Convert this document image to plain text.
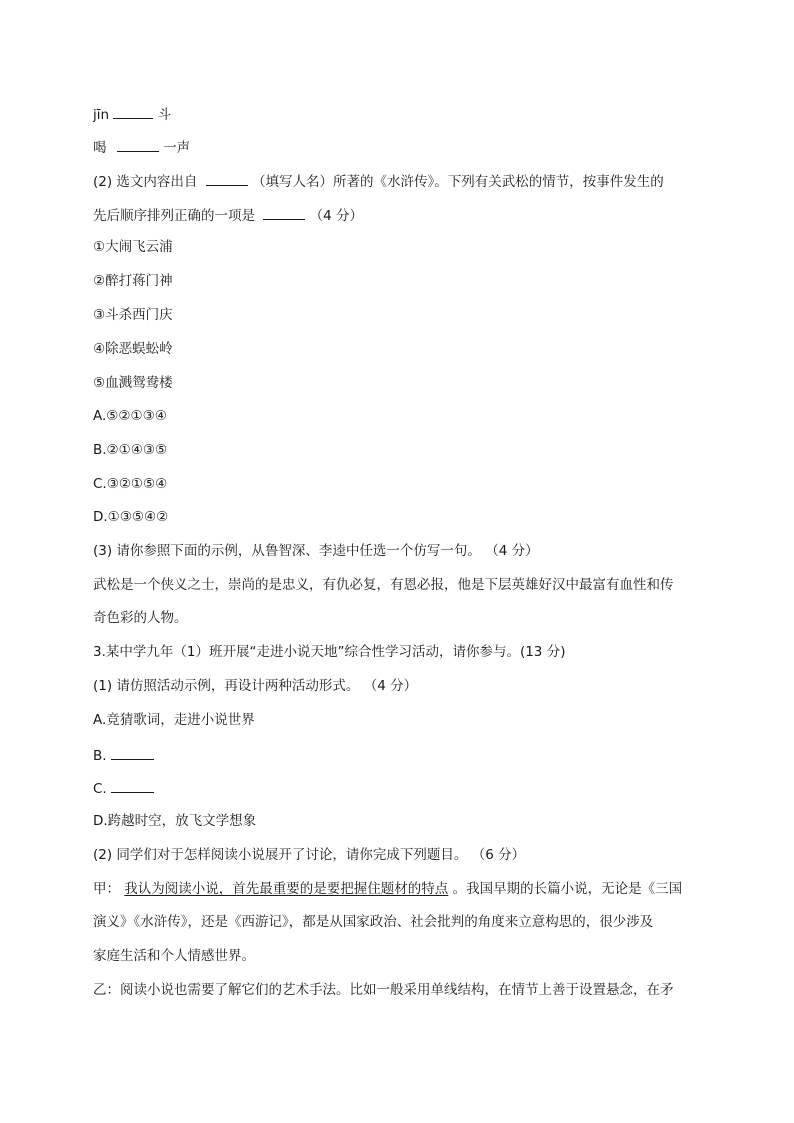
jīn	斗
喝	一声
(2) 选文内容出自	（填写人名）所著的《水浒传》。下列有关武松的情节，按事件发生的
先后顺序排列正确的一项是	（4 分）
①大闹飞云浦
②醉打蒋门神
③斗杀西门庆
④除恶蜈蚣岭
⑤血溅鸳鸯楼
A.⑤②①③④
B.②①④③⑤
C.③②①⑤④
D.①③⑤④②
(3) 请你参照下面的示例，从鲁智深、李逵中任选一个仿写一句。 （4 分）
武松是一个侠义之士，崇尚的是忠义，有仇必复，有恩必报，他是下层英雄好汉中最富有血性和传
奇色彩的人物。
3.某中学九年（1）班开展“走进小说天地”综合性学习活动，请你参与。(13 分)
(1) 请仿照活动示例，再设计两种活动形式。 （4 分）
A.竞猜歌词，走进小说世界
B.
C.
D.跨越时空，放飞文学想象
(2) 同学们对于怎样阅读小说展开了讨论，请你完成下列题目。 （6 分）
甲： 我认为阅读小说，首先最重要的是要把握住题材的特点 。我国早期的长篇小说，无论是《三国
演义》《水浒传》，还是《西游记》，都是从国家政治、社会批判的角度来立意构思的，很少涉及
家庭生活和个人情感世界。
乙：阅读小说也需要了解它们的艺术手法。比如一般采用单线结构，在情节上善于设置悬念，在矛
